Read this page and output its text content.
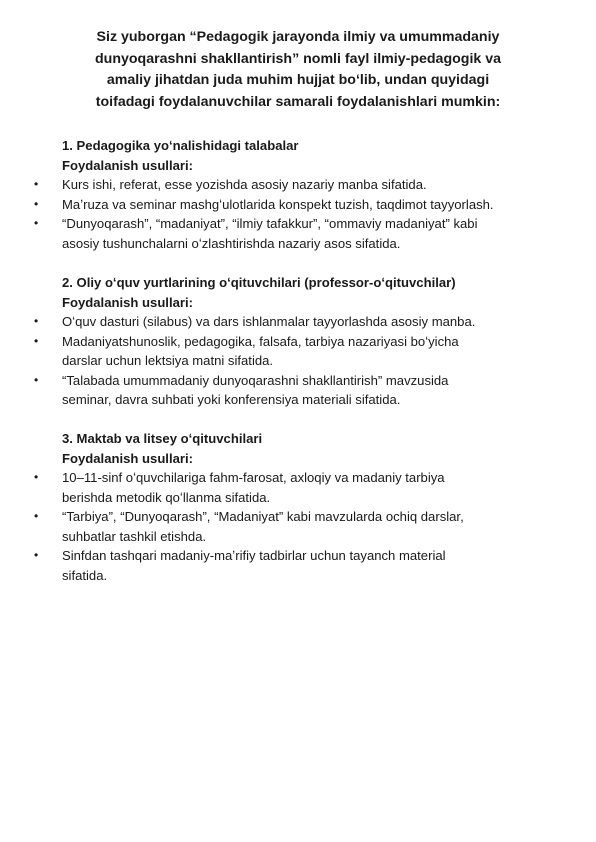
Siz yuborgan “Pedagogik jarayonda ilmiy va umummadaniy
dunyoqarashni shakllantirish” nomli fayl ilmiy-pedagogik va
amaliy jihatdan juda muhim hujjat boʻlib, undan quyidagi
toifadagi foydalanuvchilar samarali foydalanishlari mumkin:
1. Pedagogika yoʻnalishidagi talabalar
Foydalanish usullari:
•	Kurs ishi, referat, esse yozishda asosiy nazariy manba sifatida.
•	Maʼruza va seminar mashgʻulotlarida konspekt tuzish, taqdimot tayyorlash.
•	“Dunyoqarash”, “madaniyat”, “ilmiy tafakkur”, “ommaviy madaniyat” kabi
asosiy tushunchalarni oʻzlashtirishda nazariy asos sifatida.
2. Oliy oʻquv yurtlarining oʻqituvchilari (professor-oʻqituvchilar)
Foydalanish usullari:
•	Oʻquv dasturi (silabus) va dars ishlanmalar tayyorlashda asosiy manba.
•	Madaniyatshunoslik, pedagogika, falsafa, tarbiya nazariyasi boʻyicha
darslar uchun lektsiya matni sifatida.
•	“Talabada umummadaniy dunyoqarashni shakllantirish” mavzusida
seminar, davra suhbati yoki konferensiya materiali sifatida.
3. Maktab va litsey oʻqituvchilari
Foydalanish usullari:
•	10–11-sinf oʻquvchilariga fahm-farosat, axloqiy va madaniy tarbiya
berishda metodik qoʻllanma sifatida.
•	“Tarbiya”, “Dunyoqarash”, “Madaniyat” kabi mavzularda ochiq darslar,
suhbatlar tashkil etishda.
•	Sinfdan tashqari madaniy-maʼrifiy tadbirlar uchun tayanch material
sifatida.
